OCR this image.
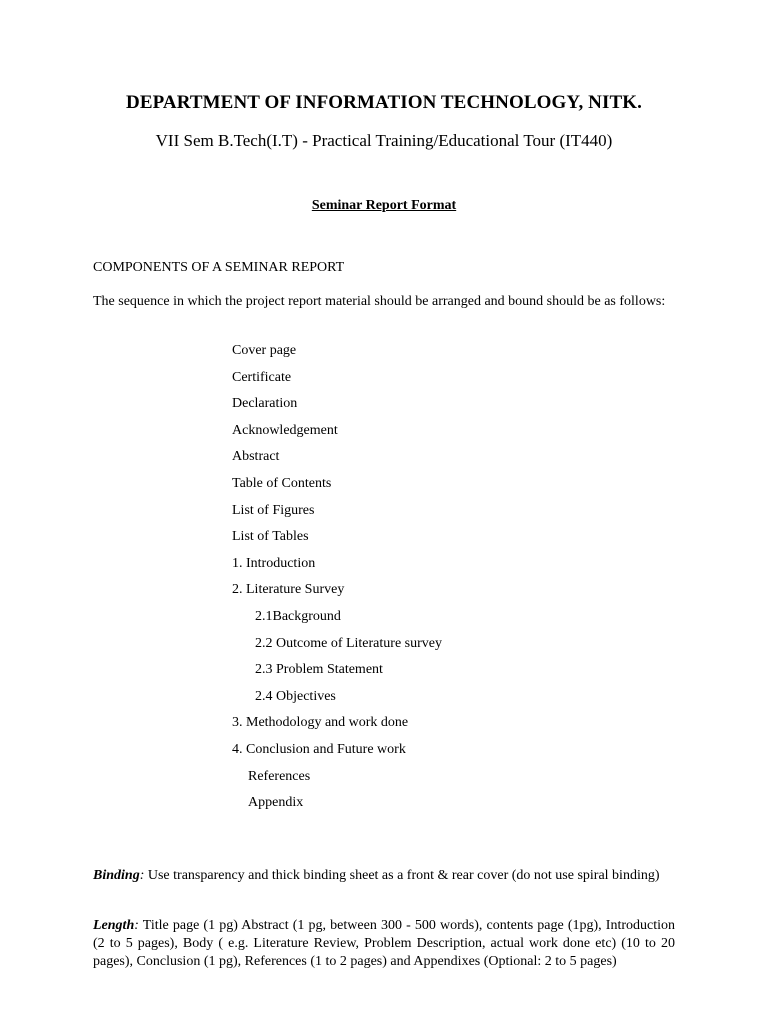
DEPARTMENT OF INFORMATION TECHNOLOGY, NITK.
VII Sem B.Tech(I.T) - Practical Training/Educational Tour (IT440)
Seminar Report Format
COMPONENTS OF A SEMINAR REPORT
The sequence in which the project report material should be arranged and bound should be as follows:
Cover page
Certificate
Declaration
Acknowledgement
Abstract
Table of Contents
List of Figures
List of Tables
1. Introduction
2. Literature Survey
2.1Background
2.2 Outcome of Literature survey
2.3 Problem Statement
2.4 Objectives
3. Methodology and work done
4. Conclusion and Future work
References
Appendix
Binding: Use transparency and thick binding sheet as a front & rear cover (do not use spiral binding)
Length: Title page (1 pg) Abstract (1 pg, between 300 - 500 words), contents page (1pg), Introduction (2 to 5 pages), Body ( e.g. Literature Review, Problem Description, actual work done etc) (10 to 20 pages), Conclusion (1 pg), References (1 to 2 pages) and Appendixes (Optional: 2 to 5 pages)
